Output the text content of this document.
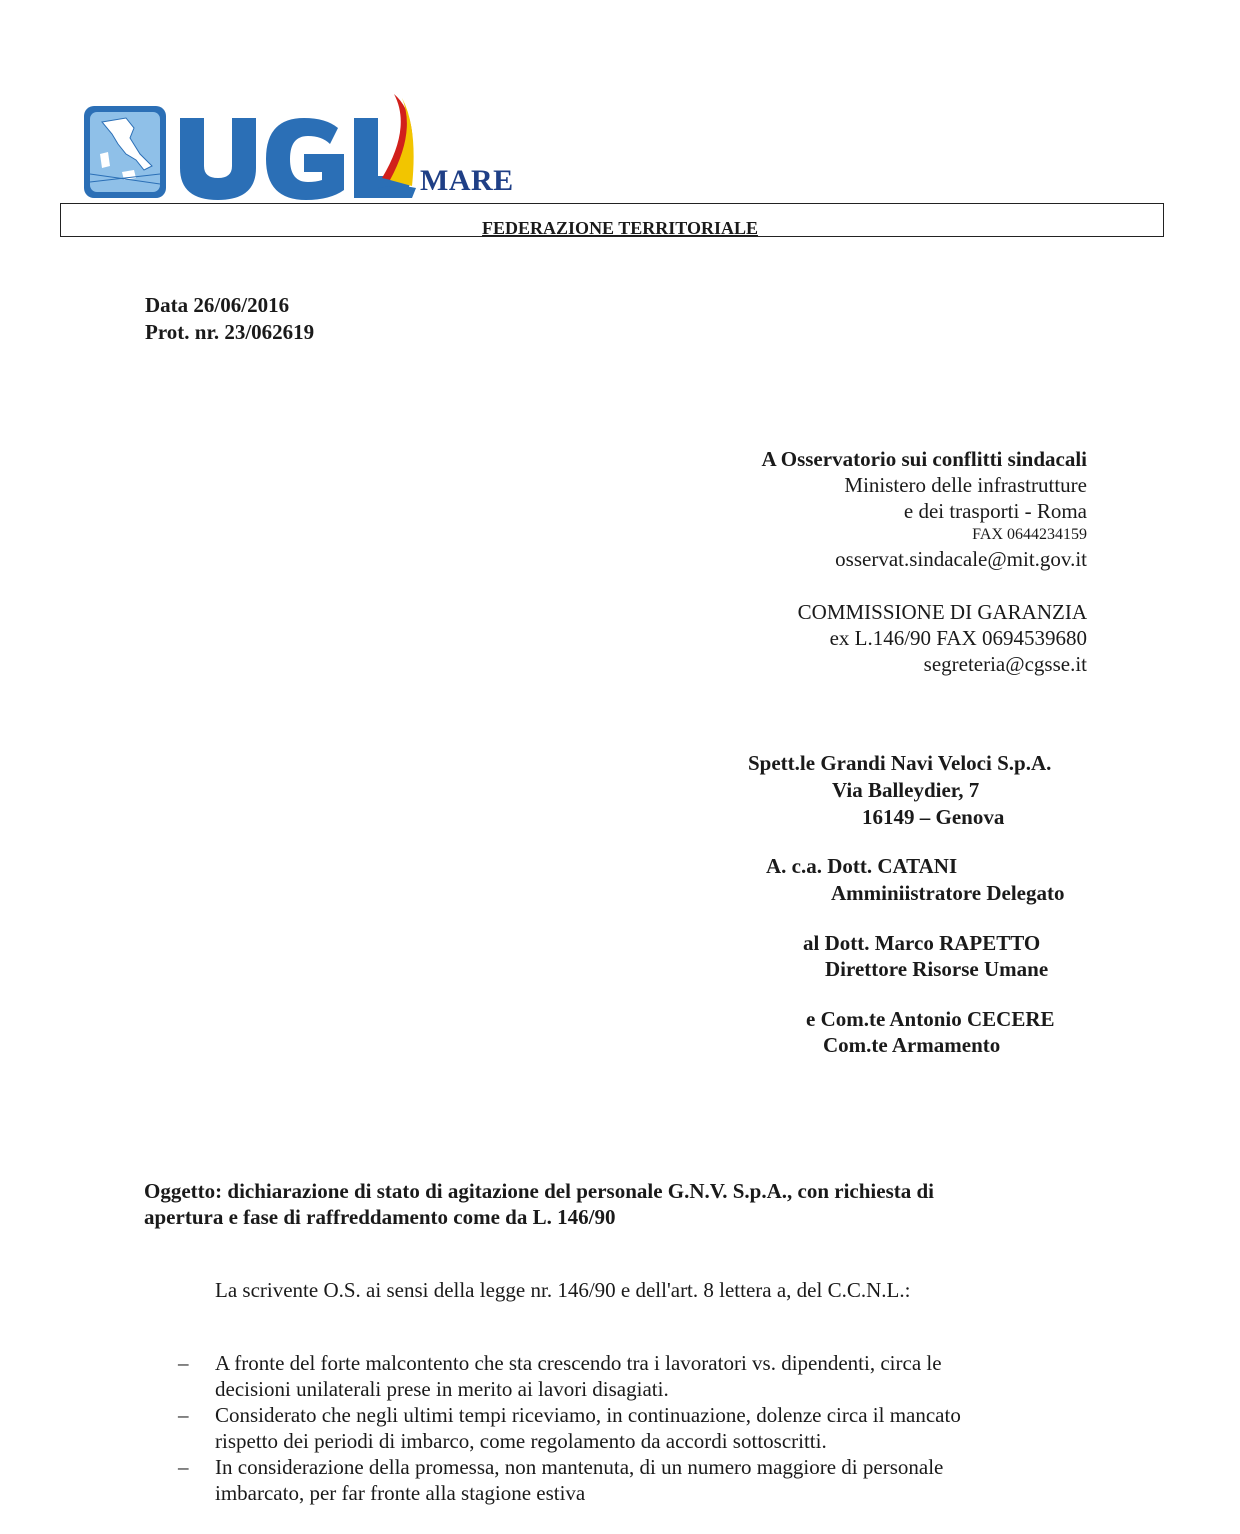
MARE
FEDERAZIONE TERRITORIALE
Data 26/06/2016
Prot. nr. 23/062619
A Osservatorio sui conflitti sindacali
Ministero delle infrastrutture
e dei trasporti - Roma
FAX 0644234159
osservat.sindacale@mit.gov.it
COMMISSIONE DI GARANZIA
ex L.146/90 FAX 0694539680
segreteria@cgsse.it
Spett.le Grandi Navi Veloci S.p.A.
Via Balleydier, 7
16149 – Genova
A. c.a. Dott. CATANI
Amminiistratore Delegato
al Dott. Marco RAPETTO
Direttore Risorse Umane
e Com.te Antonio CECERE
Com.te Armamento
Oggetto: dichiarazione di stato di agitazione del personale G.N.V. S.p.A., con richiesta di
apertura e fase di raffreddamento come da L. 146/90
La scrivente O.S. ai sensi della legge nr. 146/90 e dell'art. 8 lettera a, del C.C.N.L.:
– A fronte del forte malcontento che sta crescendo tra i lavoratori vs. dipendenti, circa le
decisioni unilaterali prese in merito ai lavori disagiati.
– Considerato che negli ultimi tempi riceviamo, in continuazione, dolenze circa il mancato
rispetto dei periodi di imbarco, come regolamento da accordi sottoscritti.
– In considerazione della promessa, non mantenuta, di un numero maggiore di personale
imbarcato, per far fronte alla stagione estiva
